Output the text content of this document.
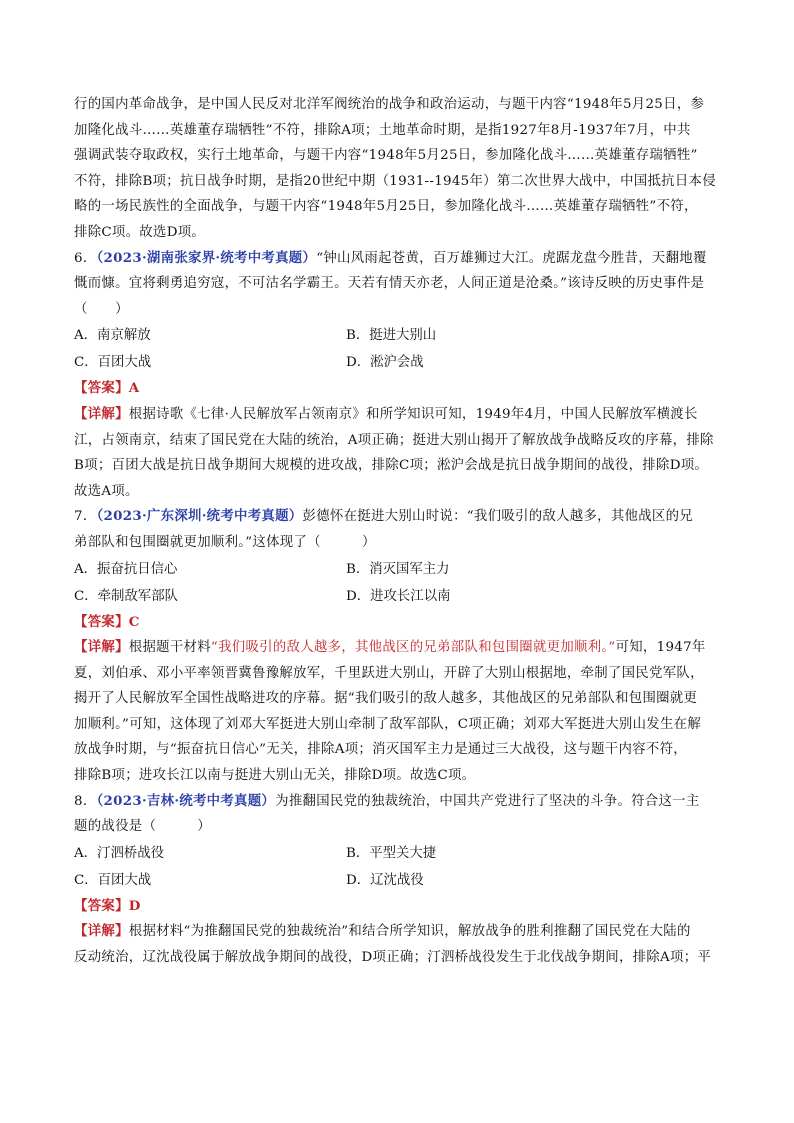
行的国内革命战争，是中国人民反对北洋军阀统治的战争和政治运动，与题干内容“1948年5月25日，参

加隆化战斗……英雄董存瑞牺牲”不符，排除A项；土地革命时期，是指1927年8月-1937年7月，中共

强调武装夺取政权，实行土地革命，与题干内容“1948年5月25日，参加隆化战斗……英雄董存瑞牺牲”

不符，排除B项；抗日战争时期，是指20世纪中期（1931--1945年）第二次世界大战中，中国抵抗日本侵

略的一场民族性的全面战争，与题干内容“1948年5月25日，参加隆化战斗……英雄董存瑞牺牲”不符，

排除C项。故选D项。

6．（2023·湖南张家界·统考中考真题）“钟山风雨起苍黄，百万雄狮过大江。虎踞龙盘今胜昔，天翻地覆

慨而慷。宜将剩勇追穷寇，不可沽名学霸王。天若有情天亦老，人间正道是沧桑。”该诗反映的历史事件是

（　　）

A．南京解放	B．挺进大别山
C．百团大战	D．淞沪会战

【答案】A

【详解】根据诗歌《七律·人民解放军占领南京》和所学知识可知，1949年4月，中国人民解放军横渡长

江，占领南京，结束了国民党在大陆的统治，A项正确；挺进大别山揭开了解放战争战略反攻的序幕，排除

B项；百团大战是抗日战争期间大规模的进攻战，排除C项；淞沪会战是抗日战争期间的战役，排除D项。

故选A项。

7．（2023·广东深圳·统考中考真题）彭德怀在挺进大别山时说：“我们吸引的敌人越多，其他战区的兄

弟部队和包围圈就更加顺利。”这体现了（　　　）

A．振奋抗日信心	B．消灭国军主力
C．牵制敌军部队	D．进攻长江以南

【答案】C

【详解】根据题干材料“我们吸引的敌人越多，其他战区的兄弟部队和包围圈就更加顺利。”可知，1947年

夏，刘伯承、邓小平率领晋冀鲁豫解放军，千里跃进大别山，开辟了大别山根据地，牵制了国民党军队，

揭开了人民解放军全国性战略进攻的序幕。据“我们吸引的敌人越多，其他战区的兄弟部队和包围圈就更

加顺利。”可知，这体现了刘邓大军挺进大别山牵制了敌军部队，C项正确；刘邓大军挺进大别山发生在解

放战争时期，与“振奋抗日信心”无关，排除A项；消灭国军主力是通过三大战役，这与题干内容不符，

排除B项；进攻长江以南与挺进大别山无关，排除D项。故选C项。

8．（2023·吉林·统考中考真题）为推翻国民党的独裁统治，中国共产党进行了坚决的斗争。符合这一主

题的战役是（　　　）

A．汀泗桥战役	B．平型关大捷
C．百团大战	D．辽沈战役

【答案】D

【详解】根据材料“为推翻国民党的独裁统治”和结合所学知识，解放战争的胜利推翻了国民党在大陆的

反动统治，辽沈战役属于解放战争期间的战役，D项正确；汀泗桥战役发生于北伐战争期间，排除A项；平
